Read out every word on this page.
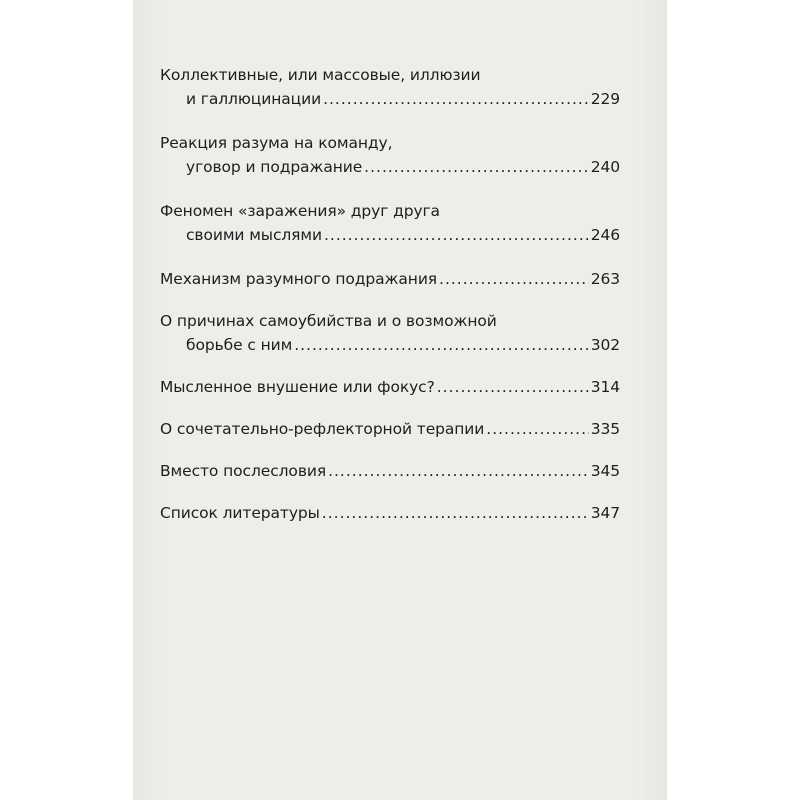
Коллективные, или массовые, иллюзии
и галлюцинации .....	229
Реакция разума на команду,
уговор и подражание .....	240
Феномен «заражения» друг друга
своими мыслями .....	246
Механизм разумного подражания .....	263
О причинах самоубийства и о возможной
борьбе с ним .....	302
Мысленное внушение или фокус? .....	314
О сочетательно-рефлекторной терапии .....	335
Вместо послесловия .....	345
Список литературы .....	347
